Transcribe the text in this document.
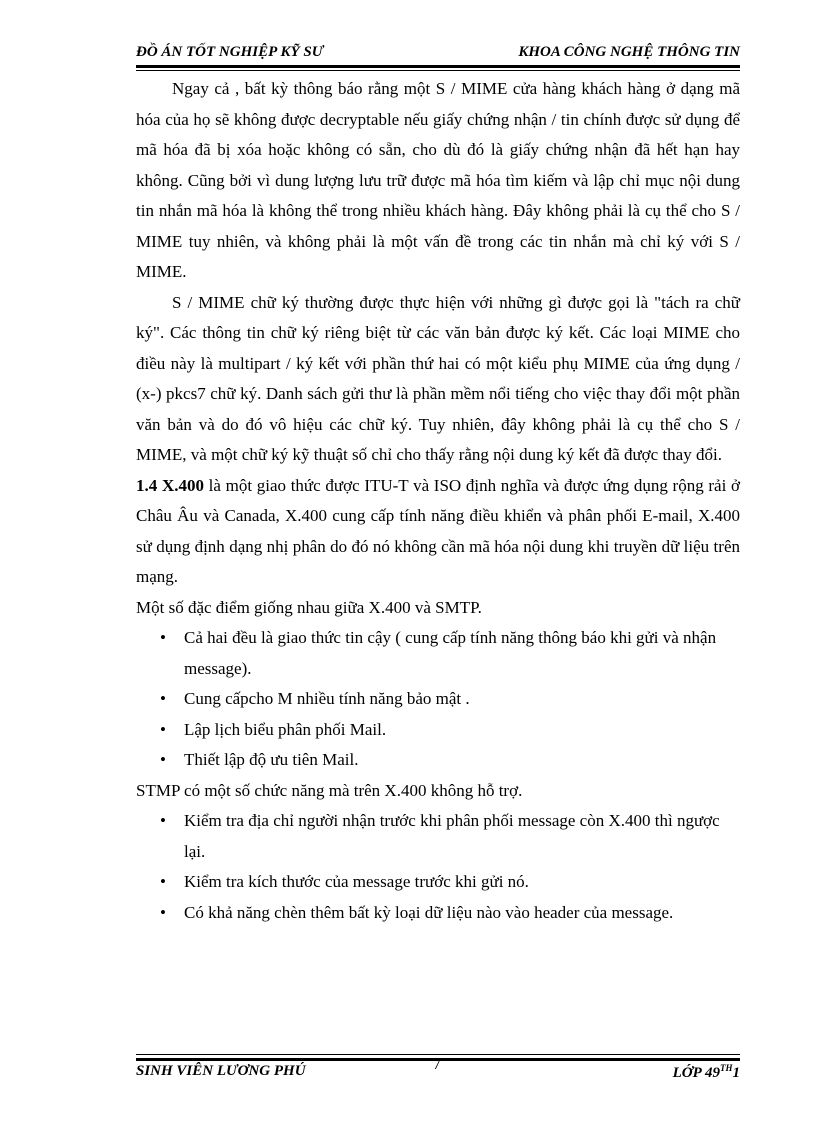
ĐỒ ÁN TỐT NGHIỆP KỸ SƯ	KHOA CÔNG NGHỆ THÔNG TIN

Ngay cả , bất kỳ thông báo rằng một S / MIME cửa hàng khách hàng ở dạng mã hóa của họ sẽ không được decryptable nếu giấy chứng nhận / tin chính được sử dụng để mã hóa đã bị xóa hoặc không có sẵn, cho dù đó là giấy chứng nhận đã hết hạn hay không. Cũng bởi vì dung lượng lưu trữ được mã hóa tìm kiếm và lập chỉ mục nội dung tin nhắn mã hóa là không thể trong nhiều khách hàng. Đây không phải là cụ thể cho S / MIME tuy nhiên, và không phải là một vấn đề trong các tin nhắn mà chỉ ký với S / MIME.

S / MIME chữ ký thường được thực hiện với những gì được gọi là "tách ra chữ ký". Các thông tin chữ ký riêng biệt từ các văn bản được ký kết. Các loại MIME cho điều này là multipart / ký kết với phần thứ hai có một kiểu phụ MIME của ứng dụng / (x-) pkcs7 chữ ký. Danh sách gửi thư là phần mềm nổi tiếng cho việc thay đổi một phần văn bản và do đó vô hiệu các chữ ký. Tuy nhiên, đây không phải là cụ thể cho S / MIME, và một chữ ký kỹ thuật số chỉ cho thấy rằng nội dung ký kết đã được thay đổi.

1.4 X.400 là một giao thức được ITU-T và ISO định nghĩa và được ứng dụng rộng rải ở Châu Âu và Canada, X.400 cung cấp tính năng điều khiển và phân phối E-mail, X.400 sử dụng định dạng nhị phân do đó nó không cần mã hóa nội dung khi truyền dữ liệu trên mạng.

Một số đặc điểm giống nhau giữa X.400 và SMTP.

• Cả hai đều là giao thức tin cậy ( cung cấp tính năng thông báo khi gửi và nhận message).
• Cung cấpcho M nhiều tính năng bảo mật .
• Lập lịch biểu phân phối Mail.
• Thiết lập độ ưu tiên Mail.

STMP có một số chức năng mà trên X.400 không hỗ trợ.

• Kiểm tra địa chỉ người nhận trước khi phân phối message còn X.400 thì ngược lại.
• Kiểm tra kích thước của message trước khi gửi nó.
• Có khả năng chèn thêm bất kỳ loại dữ liệu nào vào header của message.
SINH VIÊN LƯƠNG PHÚ	7	LỚP 49TH1
